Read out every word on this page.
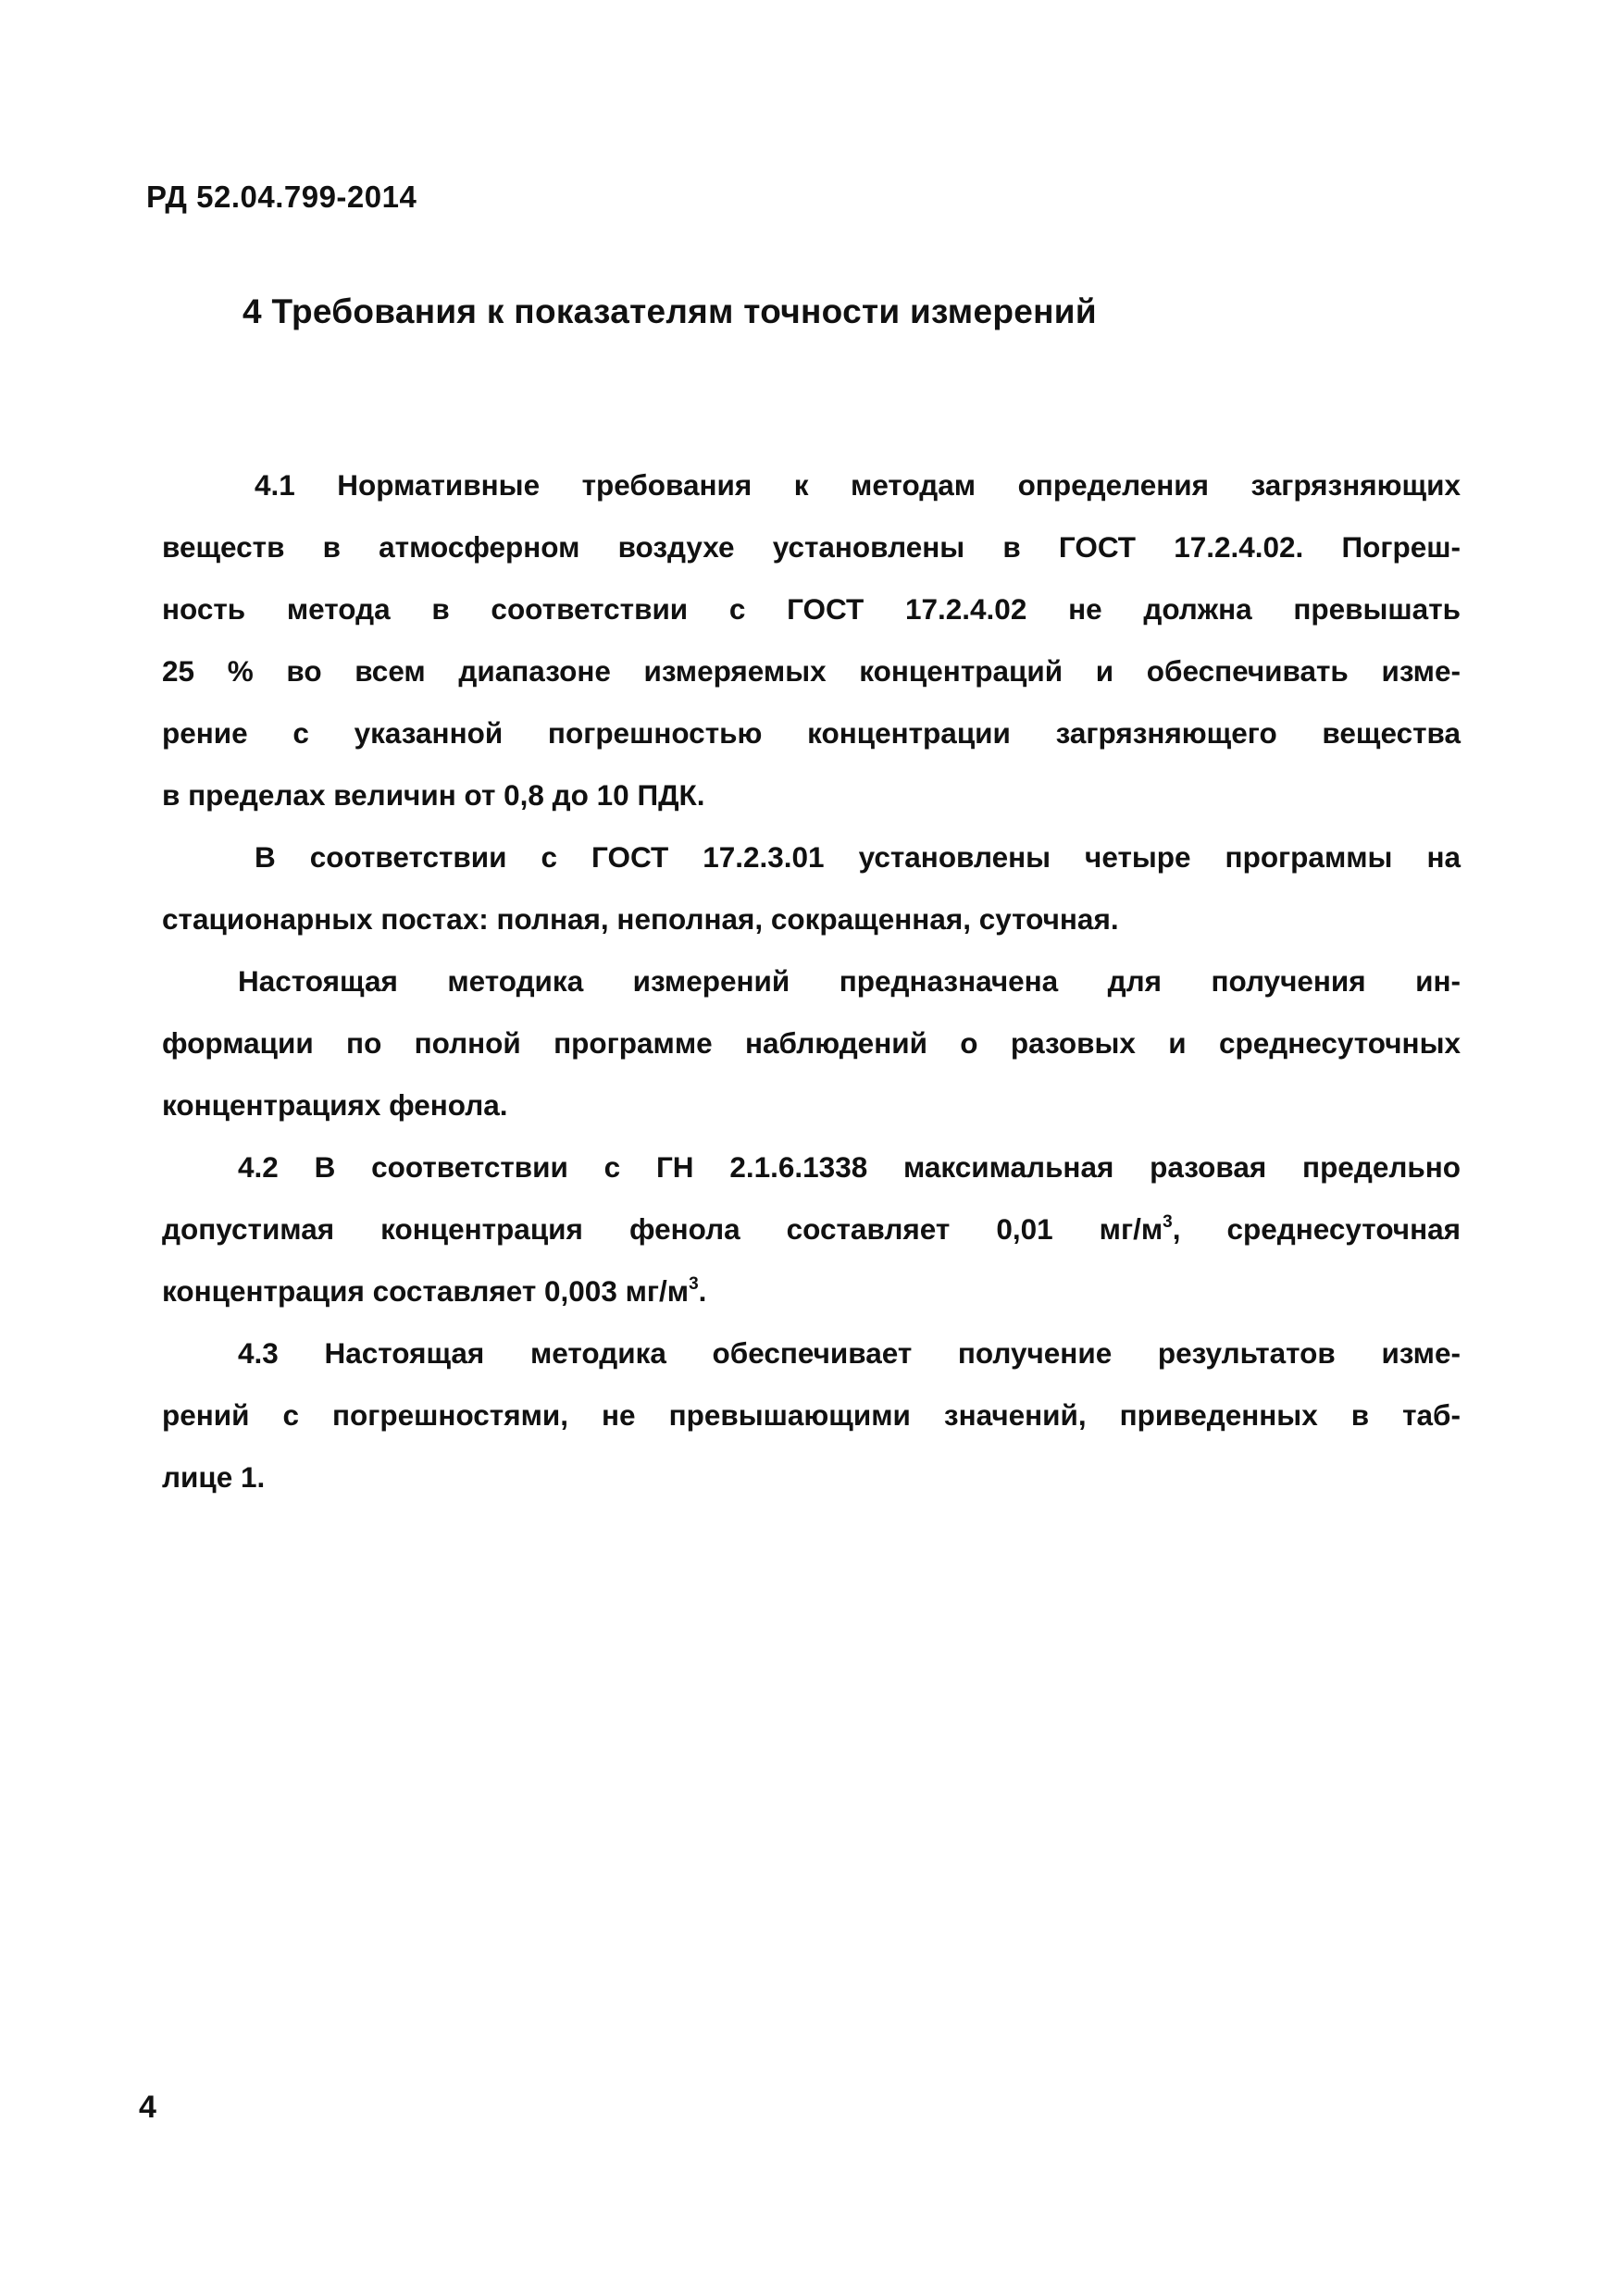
РД 52.04.799-2014
4 Требования к показателям точности измерений
4.1 Нормативные требования к методам определения загрязняющих
веществ в атмосферном воздухе установлены в ГОСТ 17.2.4.02. Погреш-
ность метода в соответствии с ГОСТ 17.2.4.02 не должна превышать
25 % во всем диапазоне измеряемых концентраций и обеспечивать изме-
рение с указанной погрешностью концентрации загрязняющего вещества
в пределах величин от 0,8 до 10 ПДК.
В соответствии с ГОСТ 17.2.3.01 установлены четыре программы на
стационарных постах: полная, неполная, сокращенная, суточная.
Настоящая методика измерений предназначена для получения ин-
формации по полной программе наблюдений о разовых и среднесуточных
концентрациях фенола.
4.2 В соответствии с ГН 2.1.6.1338 максимальная разовая предельно
допустимая концентрация фенола составляет 0,01 $мг/м^3$, среднесуточная
концентрация составляет 0,003 $мг/м^3$.
4.3 Настоящая методика обеспечивает получение результатов изме-
рений с погрешностями, не превышающими значений, приведенных в таб-
лице 1.
4
